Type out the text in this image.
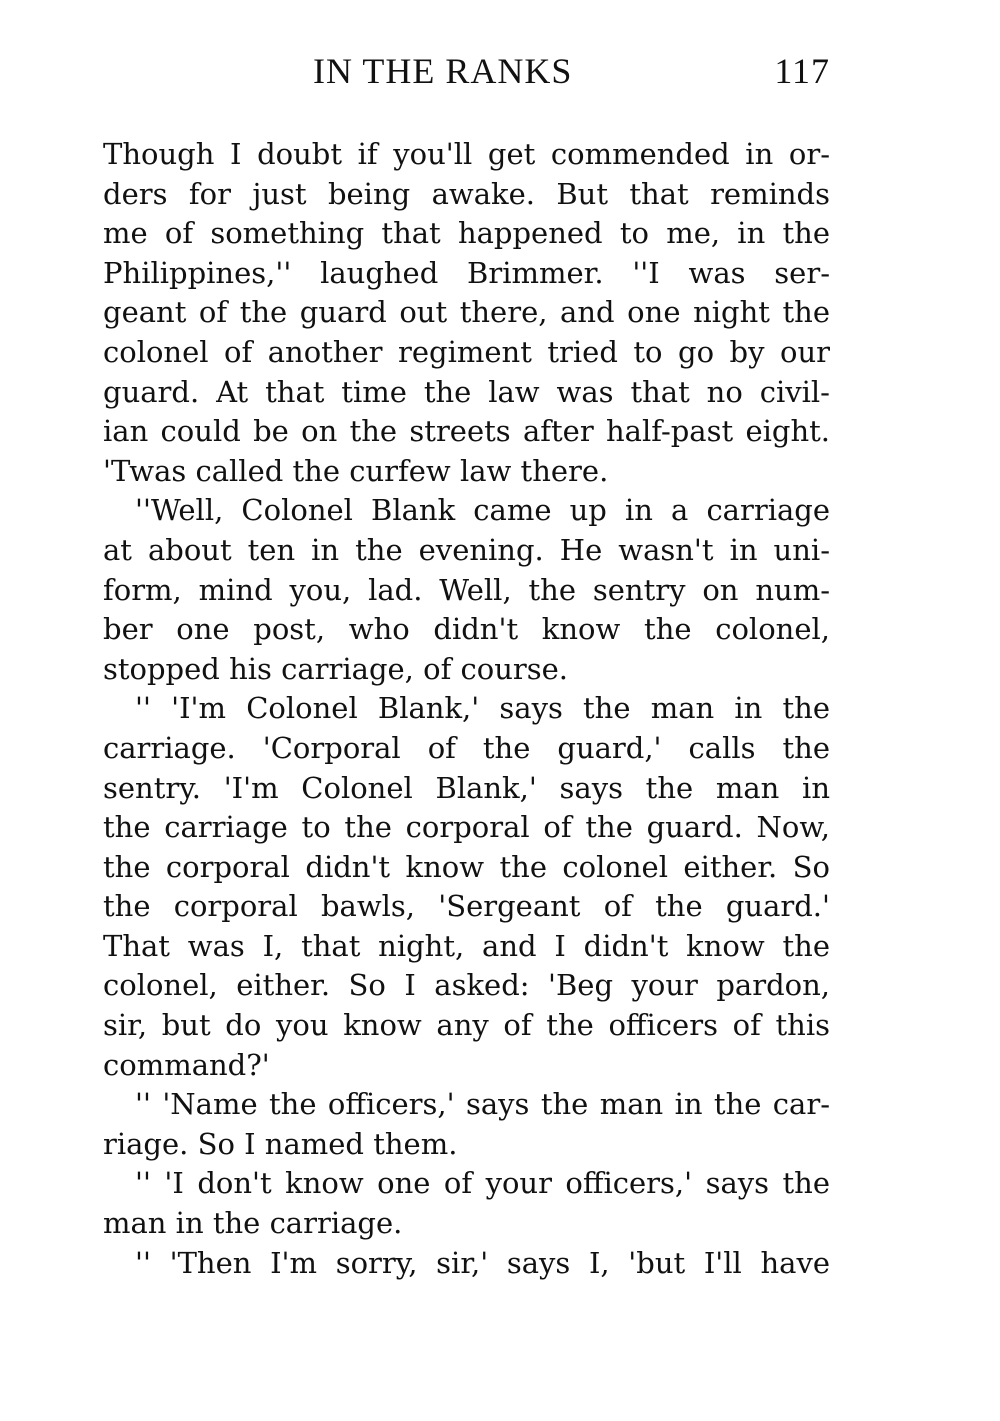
IN THE RANKS	117
Though I doubt if you'll get commended in or-
ders for just being awake. But that reminds
me of something that happened to me, in the
Philippines,'' laughed Brimmer. ''I was ser-
geant of the guard out there, and one night the
colonel of another regiment tried to go by our
guard. At that time the law was that no civil-
ian could be on the streets after half-past eight.
'Twas called the curfew law there.
''Well, Colonel Blank came up in a carriage
at about ten in the evening. He wasn't in uni-
form, mind you, lad. Well, the sentry on num-
ber one post, who didn't know the colonel,
stopped his carriage, of course.
'' 'I'm Colonel Blank,' says the man in the
carriage. 'Corporal of the guard,' calls the
sentry. 'I'm Colonel Blank,' says the man in
the carriage to the corporal of the guard. Now,
the corporal didn't know the colonel either. So
the corporal bawls, 'Sergeant of the guard.'
That was I, that night, and I didn't know the
colonel, either. So I asked: 'Beg your pardon,
sir, but do you know any of the officers of this
command?'
'' 'Name the officers,' says the man in the car-
riage. So I named them.
'' 'I don't know one of your officers,' says the
man in the carriage.
'' 'Then I'm sorry, sir,' says I, 'but I'll have
